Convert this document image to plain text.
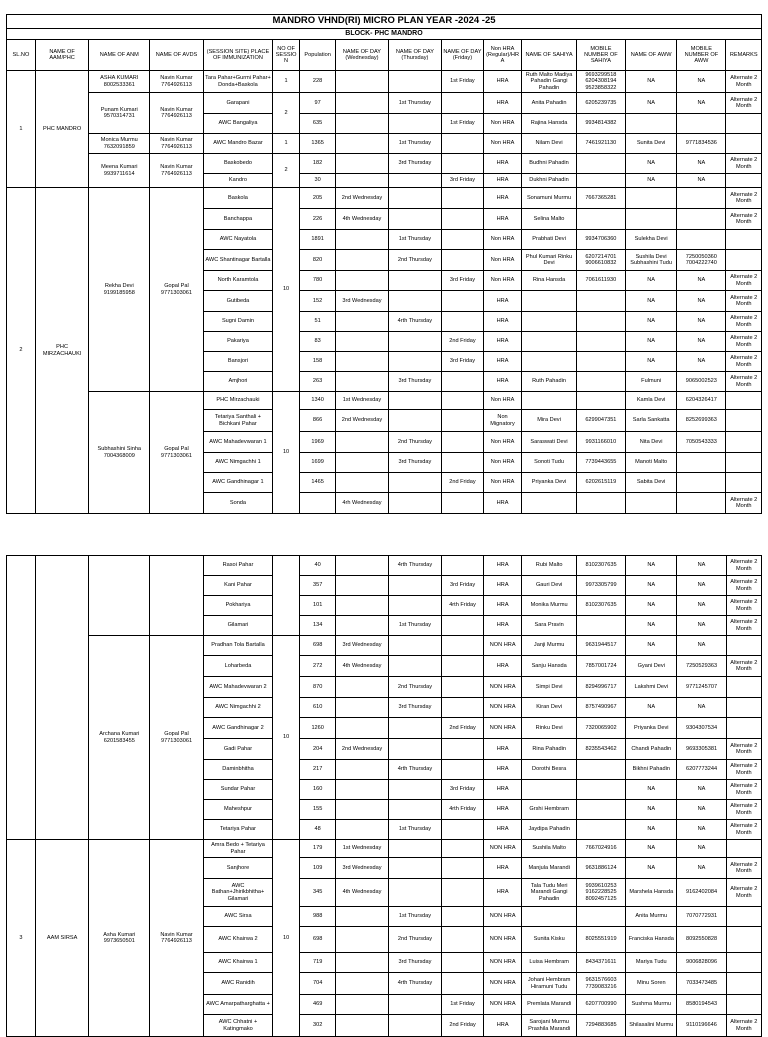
MANDRO VHND(RI) MICRO PLAN YEAR -2024 -25															
BLOCK- PHC MANDRO															
SL.NO	NAME OF AAM/PHC	NAME OF ANM	NAME OF AVDS	(SESSION SITE) PLACE OF IMMUNIZATION	NO OF SESSION	Population	NAME OF DAY (Wednesday)	NAME OF DAY (Thursday)	NAME OF DAY (Friday)	Non HRA (Regular)/HRA	NAME OF SAHIYA	MOBILE NUMBER OF SAHIYA	NAME OF AWW	MOBILE NUMBER OF AWW	REMARKS
1	PHC MANDRO	ASHA KUMARI 8002533361	Navin Kumar 7764926113	Tara Pahar+Gurmi Pahar+ Donda+Baskola	1	228			1st Friday	HRA	Ruth Malto Madiya Pahadin Gangi Pahadin	9693299518 6204308194 9523858322	NA	NA	Alternate 2 Month
		Punam Kumari 9570314731	Navin Kumar 7764926113	Garapani	2	97		1st Thursday		HRA	Anita Pahadin	6205239735	NA	NA	Alternate 2 Month
				AWC Bangaliya		635			1st Friday	Non HRA	Rajina Hansda	9934814382			
		Monica Murmu 7632091859	Navin Kumar 7764926113	AWC Mandro Bazar	1	1365		1st Thursday		Non HRA	Nilam Devi	7461921130	Sunita Devi	9771834536	
		Meena Kumari 9939711614	Navin Kumar 7764926113	Baskobedo	2	182		3rd Thursday		HRA	Budhni Pahadin		NA	NA	Alternate 2 Month
				Kandro		30			3rd Friday	HRA	Dukhni Pahadin		NA	NA	
2	PHC MIRZACHAUKI	Rekha Devi 9199185958	Gopal Pal 9771303061	Baskola	10	205	2nd Wednesday			HRA	Sonamuni Murmu	7667365281			Alternate 2 Month
				Banchappa		226	4th Wednesday			HRA	Selina Malto				Alternate 2 Month
				AWC Nayatola		1891		1st Thursday		Non HRA	Prabhati Devi	9934706360	Sulekha Devi		
				AWC Shantinagar Bartalla		820		2nd Thursday		Non HRA	Phul Kumari Rinku Devi	6207214701 9006610832	Sushila Devi Subhashini Tudu	7250050360 7004222740	
				North Karamtola		780			3rd Friday	Non HRA	Rina Hansda	7061611930	NA	NA	Alternate 2 Month
				Gutibeda		152	3rd Wednesday			HRA			NA	NA	Alternate 2 Month
				Sugni Damin		51		4rth Thursday		HRA			NA	NA	Alternate 2 Month
				Pakariya		83			2nd Friday	HRA			NA	NA	Alternate 2 Month
				Bansjori		158			3rd Friday	HRA			NA	NA	Alternate 2 Month
				Amjhori		263		3rd Thursday		HRA	Ruth Pahadin		Fulmuni	9065002523	Alternate 2 Month
		Subhashini Sinha 7004368009	Gopal Pal 9771303061	PHC Mirzachauki	10	1340	1st Wednesday			Non HRA			Kamla Devi	6204326417	
				Tetariya Santhali + Bichkani Pahar		866	2nd Wednesday			Non Mignatory	Mira Devi	6299047351	Sarla Sankatta	8252699363	
				AWC Mahadevwaran 1		1969		2nd Thursday		Non HRA	Saraswati Devi	9931166010	Nita Devi	7050543333	
				AWC Nimgachhi 1		1699		3rd Thursday		Non HRA	Sonoti Tudu	7739443655	Manoti Malto		
				AWC Gandhinagar 1		1465			2nd Friday	Non HRA	Priyanka Devi	6202615119	Sabita Devi		
				Sonda			4rh Wednesday			HRA					Alternate 2 Month
				Rasoi Pahar		40		4rth Thursday		HRA	Rubi Malto	8102307635	NA	NA	Alternate 2 Month
				Kani Pahar		357			3rd Friday	HRA	Gauri Devi	9973305799	NA	NA	Alternate 2 Month
				Pokhariya		101			4rth Friday	HRA	Monika Murmu	8102307635	NA	NA	Alternate 2 Month
				Gilamari		134		1st Thursday		HRA	Sara Pravin		NA	NA	Alternate 2 Month
		Archana Kumari 6201583455	Gopal Pal 9771303061	Pradhan Tola Bartalla	10	698	3rd Wednesday			NON HRA	Janji Murmu	9631944517	NA	NA	
				Loharbeda		272	4th Wednesday			HRA	Sanju Hansda	7857001724	Gyani Devi	7250529363	Alternate 2 Month
				AWC Mahadevwaran 2		870		2nd Thursday		NON HRA	Simpi Devi	8294996717	Lakshmi Devi	9771245707	
				AWC Nimgachhi 2		610		3rd Thursday		NON HRA	Kiran Devi	8757490967	NA	NA	
				AWC Gandhinagar 2		1260			2nd Friday	NON HRA	Rinku Devi	7320065902	Priyanka Devi	9304307534	
				Gadi Pahar		204	2nd Wednesday			HRA	Rina Pahadin	8235543462	Chandi Pahadin	9693305381	Alternate 2 Month
				Daminbhitha		217		4rth Thursday		HRA	Dorothi Besra		Bikhni Pahadin	6207773244	Alternate 2 Month
				Sundar Pahar		160			3rd Friday	HRA			NA	NA	Alternate 2 Month
				Maheshpur		155			4rth Friday	HRA	Grshi Hembram		NA	NA	Alternate 2 Month
				Tetariya Pahar		48		1st Thursday		HRA	Jaydipa Pahadin		NA	NA	Alternate 2 Month
3	AAM SIRSA	Asha Kumari 9973650501	Navin Kumar 7764926113	Amra Bedo + Tetariya Pahar	10	179	1st Wednesday			NON HRA	Sushila Malto	7667024916	NA	NA	
				Sanjhore		109	3rd Wednesday			HRA	Manjula Marandi	9631886124	NA	NA	Alternate 2 Month
				AWC Bathan+Jhirikbhitha+ Gilamari		345	4th Wednesday			HRA	Tala Tudu Meri Marandi Gangi Pahadin	9939610253 9162228525 8092457125	Marshela Hansda	9162402084	Alternate 2 Month
				AWC Sirsa		988		1st Thursday		NON HRA			Anita Murmu	7070772931	
				AWC Khairwa 2		698		2nd Thursday		NON HRA	Sunita Kisku	8025551919	Franciska Hansda	8092550828	
				AWC Khairwa 1		719		3rd Thursday		NON HRA	Luisa Hembram	8434371611	Mariya Tudu	9006828096	
				AWC Ranidih		704		4rth Thursday		NON HRA	Johani Hembram Hiramuni Tudu	9631576603 7739083216	Minu Soren	7033473485	
				AWC Amarpatharghatta +		469			1st Friday	NON HRA	Premlata Marandi	6207700990	Sushma Murmu	8580194543	
				AWC Chhatni + Katingmako		302			2nd Friday	HRA	Sarojani Murmu Prashila Marandi	7294883685	Shilasalini Murmu	9110196646	Alternate 2 Month
